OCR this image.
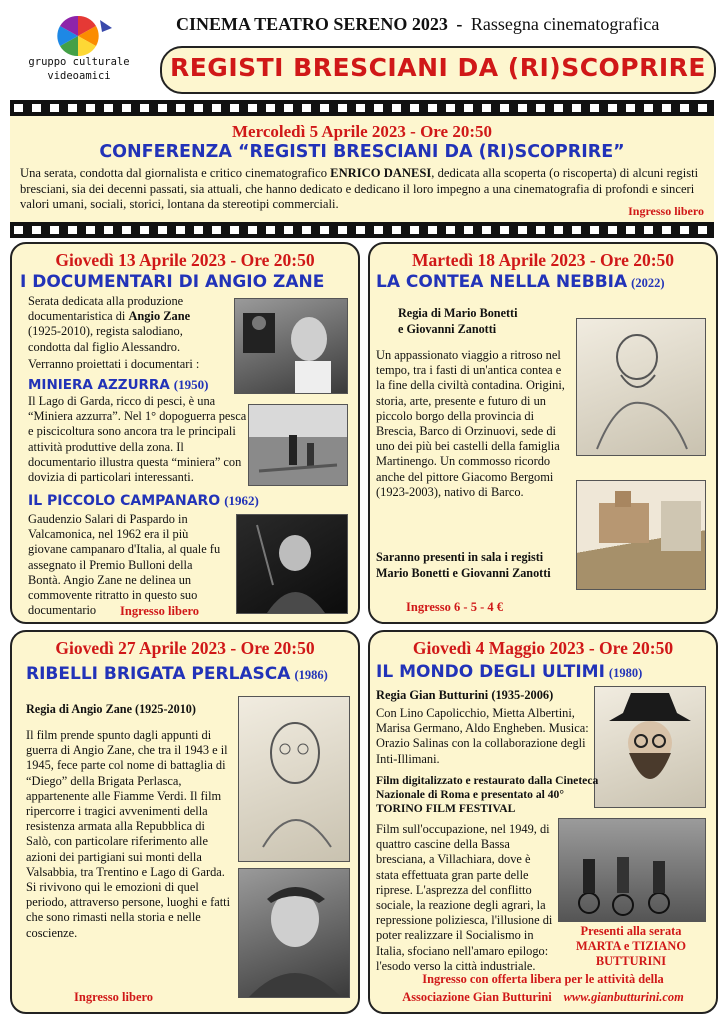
gruppo culturale
videoamici
CINEMA TEATRO SERENO 2023 - Rassegna cinematografica
REGISTI BRESCIANI DA (RI)SCOPRIRE
Mercoledì 5 Aprile 2023 - Ore 20:50
CONFERENZA “REGISTI BRESCIANI DA (RI)SCOPRIRE”
Una serata, condotta dal giornalista e critico cinematografico ENRICO DANESI, dedicata alla scoperta (o riscoperta) di alcuni registi bresciani, sia dei decenni passati, sia attuali, che hanno dedicato e dedicano il loro impegno a una cinematografia di profondi e sinceri valori umani, sociali, storici, lontana da stereotipi commerciali.	Ingresso libero
Giovedì 13 Aprile 2023 - Ore 20:50
I DOCUMENTARI DI ANGIO ZANE
Serata dedicata alla produzione documentaristica di Angio Zane (1925-2010), regista salodiano, condotta dal figlio Alessandro.
Verranno proiettati i documentari :
MINIERA AZZURRA (1950)
Il Lago di Garda, ricco di pesci, è una “Miniera azzurra”. Nel 1° dopoguerra pesca e piscicoltura sono ancora tra le principali attività produttive della zona. Il documentario illustra questa “miniera” con dovizia di particolari interessanti.
IL PICCOLO CAMPANARO (1962)
Gaudenzio Salari di Paspardo in Valcamonica, nel 1962 era il più giovane campanaro d'Italia, al quale fu assegnato il Premio Bulloni della Bontà. Angio Zane ne delinea un commovente ritratto in questo suo documentario	Ingresso libero
Martedì 18 Aprile 2023 - Ore 20:50
LA CONTEA NELLA NEBBIA (2022)
Regia di Mario Bonetti
e Giovanni Zanotti
Un appassionato viaggio a ritroso nel tempo, tra i fasti di un'antica contea e la fine della civiltà contadina. Origini, storia, arte, presente e futuro di un piccolo borgo della provincia di Brescia, Barco di Orzinuovi, sede di uno dei più bei castelli della famiglia Martinengo. Un commosso ricordo anche del pittore Giacomo Bergomi (1923-2003), nativo di Barco.
Saranno presenti in sala i registi Mario Bonetti e Giovanni Zanotti
Ingresso 6 - 5 - 4 €
Giovedì 27 Aprile 2023 - Ore 20:50
RIBELLI BRIGATA PERLASCA (1986)
Regia di Angio Zane (1925-2010)
Il film prende spunto dagli appunti di guerra di Angio Zane, che tra il 1943 e il 1945, fece parte col nome di battaglia di “Diego” della Brigata Perlasca, appartenente alle Fiamme Verdi. Il film ripercorre i tragici avvenimenti della resistenza armata alla Repubblica di Salò, con particolare riferimento alle azioni dei partigiani sui monti della Valsabbia, tra Trentino e Lago di Garda. Si rivivono qui le emozioni di quel periodo, attraverso persone, luoghi e fatti che sono rimasti nella storia e nelle coscienze.
Ingresso libero
Giovedì 4 Maggio 2023 - Ore 20:50
IL MONDO DEGLI ULTIMI (1980)
Regia Gian Butturini (1935-2006)
Con Lino Capolicchio, Mietta Albertini, Marisa Germano, Aldo Engheben. Musica: Orazio Salinas con la collaborazione degli Inti-Illimani.
Film digitalizzato e restaurato dalla Cineteca Nazionale di Roma e presentato al 40° TORINO FILM FESTIVAL
Film sull'occupazione, nel 1949, di quattro cascine della Bassa bresciana, a Villachiara, dove è stata effettuata gran parte delle riprese. L'asprezza del conflitto sociale, la reazione degli agrari, la repressione poliziesca, l'illusione di poter realizzare il Socialismo in Italia, sfociano nell'amaro epilogo: l'esodo verso la città industriale.
Presenti alla serata
MARTA e TIZIANO
BUTTURINI
Ingresso con offerta libera per le attività della
Associazione Gian Butturini www.gianbutturini.com
